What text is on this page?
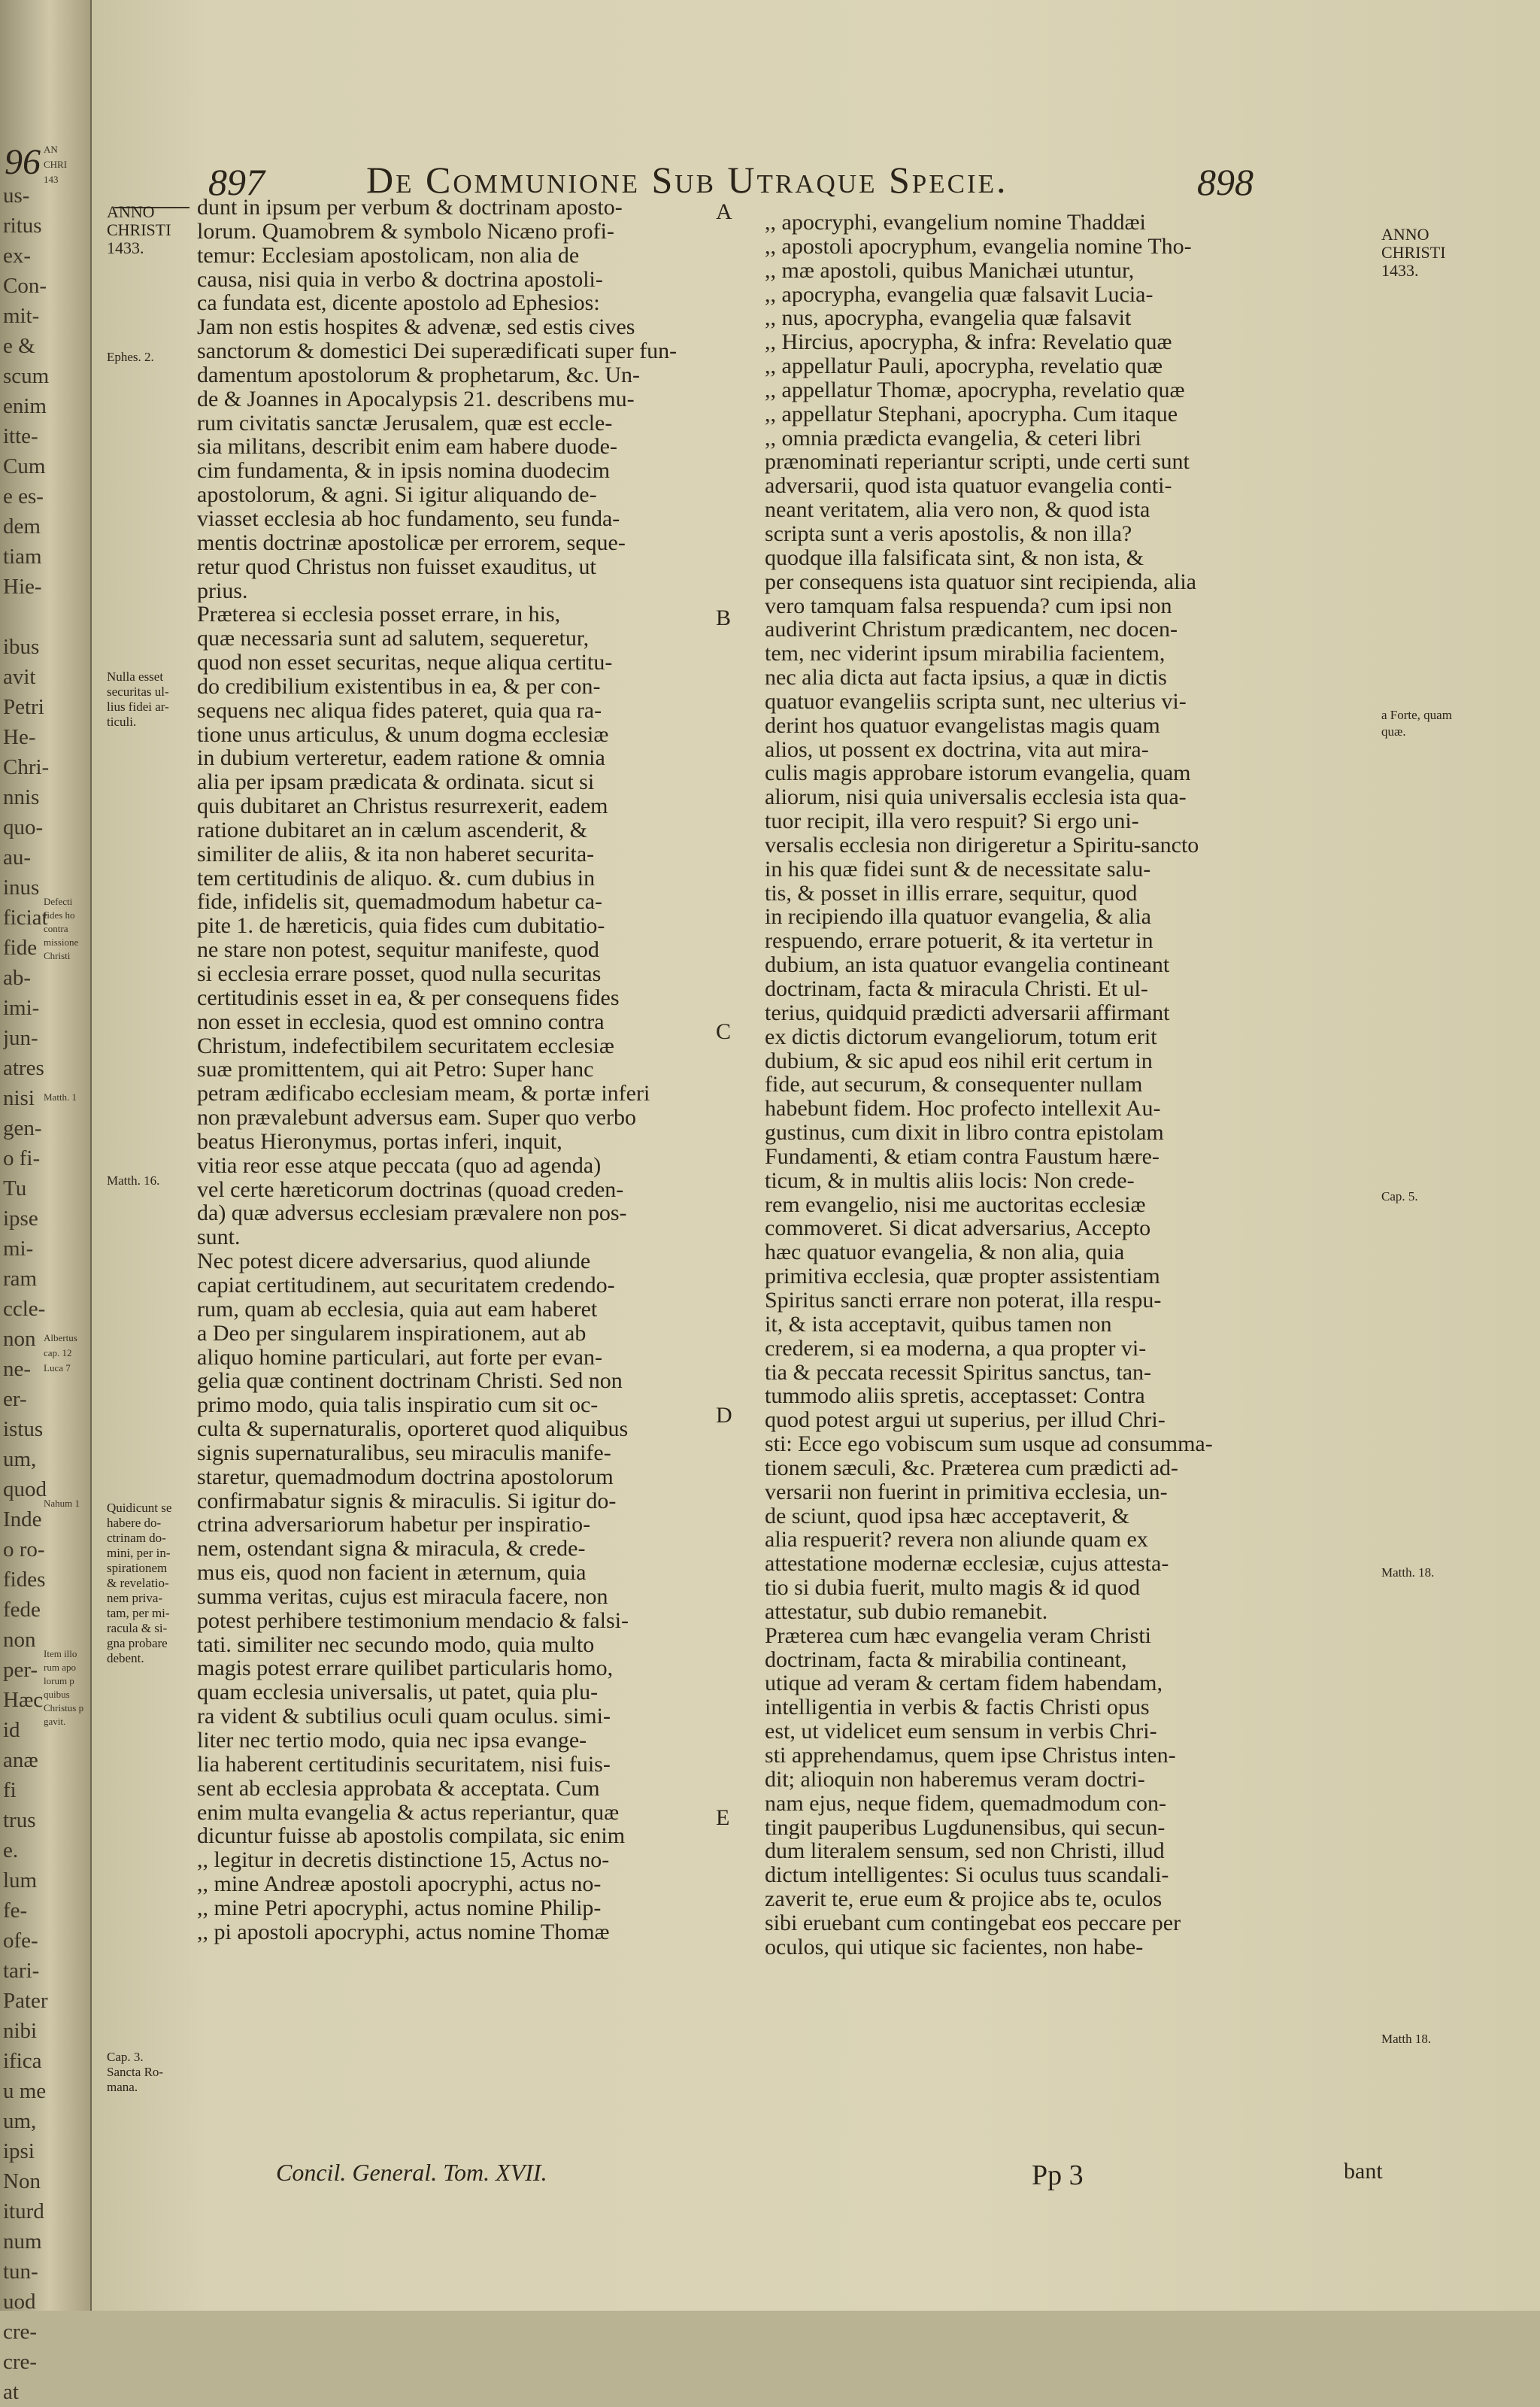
96
us-
ritus
ex-
Con-
mit-
e &
scum
enim
itte-
Cum
e es-
dem
tiam
Hie-

ibus
avit
Petri
He-
Chri-
nnis
quo-
au-
inus
ficiat
fide
ab-
imi-
jun-
atres
nisi
gen-
o fi-
Tu
ipse
mi-
ram
ccle-
non
ne-
er-
istus
um,
quod
Inde
o ro-
fides
fede
non
per-
Hæc
id
anæ
fi
trus
e.
lum
fe-
ofe-
tari-
Pater
nibi
ifica
u me
um,
ipsi
Non
iturd
num
tun-
uod
cre-
cre-
at
AN
CHRI
143
Defecti
fides ho
contra
missione
Christi
Matth. 1
Albertus
cap. 12
Luca 7
Nahum 1
Item illo
rum apo
lorum p
quibus
Christus p
gavit.
897	De Communione Sub Utraque Specie.	898
ANNO
CHRISTI
1433.
Ephes. 2.
Nulla esset
securitas ul-
lius fidei ar-
ticuli.
Matth. 16.
Quidicunt se
habere do-
ctrinam do-
mini, per in-
spirationem
& revelatio-
nem priva-
tam, per mi-
racula & si-
gna probare
debent.
Cap. 3.
Sancta Ro-
mana.
dunt in ipsum per verbum & doctrinam aposto-
lorum. Quamobrem & symbolo Nicæno profi-
temur: Ecclesiam apostolicam, non alia de
causa, nisi quia in verbo & doctrina apostoli-
ca fundata est, dicente apostolo ad Ephesios:
Jam non estis hospites & advenæ, sed estis cives
sanctorum & domestici Dei superædificati super fun-
damentum apostolorum & prophetarum, &c. Un-
de & Joannes in Apocalypsis 21. describens mu-
rum civitatis sanctæ Jerusalem, quæ est eccle-
sia militans, describit enim eam habere duode-
cim fundamenta, & in ipsis nomina duodecim
apostolorum, & agni. Si igitur aliquando de-
viasset ecclesia ab hoc fundamento, seu funda-
mentis doctrinæ apostolicæ per errorem, seque-
retur quod Christus non fuisset exauditus, ut
prius.
Præterea si ecclesia posset errare, in his,
quæ necessaria sunt ad salutem, sequeretur,
quod non esset securitas, neque aliqua certitu-
do credibilium existentibus in ea, & per con-
sequens nec aliqua fides pateret, quia qua ra-
tione unus articulus, & unum dogma ecclesiæ
in dubium verteretur, eadem ratione & omnia
alia per ipsam prædicata & ordinata. sicut si
quis dubitaret an Christus resurrexerit, eadem
ratione dubitaret an in cælum ascenderit, &
similiter de aliis, & ita non haberet securita-
tem certitudinis de aliquo. &. cum dubius in
fide, infidelis sit, quemadmodum habetur ca-
pite 1. de hæreticis, quia fides cum dubitatio-
ne stare non potest, sequitur manifeste, quod
si ecclesia errare posset, quod nulla securitas
certitudinis esset in ea, & per consequens fides
non esset in ecclesia, quod est omnino contra
Christum, indefectibilem securitatem ecclesiæ
suæ promittentem, qui ait Petro: Super hanc
petram ædificabo ecclesiam meam, & portæ inferi
non prævalebunt adversus eam. Super quo verbo
beatus Hieronymus, portas inferi, inquit,
vitia reor esse atque peccata (quo ad agenda)
vel certe hæreticorum doctrinas (quoad creden-
da) quæ adversus ecclesiam prævalere non pos-
sunt.
Nec potest dicere adversarius, quod aliunde
capiat certitudinem, aut securitatem credendo-
rum, quam ab ecclesia, quia aut eam haberet
a Deo per singularem inspirationem, aut ab
aliquo homine particulari, aut forte per evan-
gelia quæ continent doctrinam Christi. Sed non
primo modo, quia talis inspiratio cum sit oc-
culta & supernaturalis, oporteret quod aliquibus
signis supernaturalibus, seu miraculis manife-
staretur, quemadmodum doctrina apostolorum
confirmabatur signis & miraculis. Si igitur do-
ctrina adversariorum habetur per inspiratio-
nem, ostendant signa & miracula, & crede-
mus eis, quod non facient in æternum, quia
summa veritas, cujus est miracula facere, non
potest perhibere testimonium mendacio & falsi-
tati. similiter nec secundo modo, quia multo
magis potest errare quilibet particularis homo,
quam ecclesia universalis, ut patet, quia plu-
ra vident & subtilius oculi quam oculus. simi-
liter nec tertio modo, quia nec ipsa evange-
lia haberent certitudinis securitatem, nisi fuis-
sent ab ecclesia approbata & acceptata. Cum
enim multa evangelia & actus reperiantur, quæ
dicuntur fuisse ab apostolis compilata, sic enim
,, legitur in decretis distinctione 15, Actus no-
,, mine Andreæ apostoli apocryphi, actus no-
,, mine Petri apocryphi, actus nomine Philip-
,, pi apostoli apocryphi, actus nomine Thomæ
A
B
C
D
E
,, apocryphi, evangelium nomine Thaddæi
,, apostoli apocryphum, evangelia nomine Tho-
,, mæ apostoli, quibus Manichæi utuntur,
,, apocrypha, evangelia quæ falsavit Lucia-
,, nus, apocrypha, evangelia quæ falsavit
,, Hircius, apocrypha, & infra: Revelatio quæ
,, appellatur Pauli, apocrypha, revelatio quæ
,, appellatur Thomæ, apocrypha, revelatio quæ
,, appellatur Stephani, apocrypha. Cum itaque
,, omnia prædicta evangelia, & ceteri libri
prænominati reperiantur scripti, unde certi sunt
adversarii, quod ista quatuor evangelia conti-
neant veritatem, alia vero non, & quod ista
scripta sunt a veris apostolis, & non illa?
quodque illa falsificata sint, & non ista, &
per consequens ista quatuor sint recipienda, alia
vero tamquam falsa respuenda? cum ipsi non
audiverint Christum prædicantem, nec docen-
tem, nec viderint ipsum mirabilia facientem,
nec alia dicta aut facta ipsius, a quæ in dictis
quatuor evangeliis scripta sunt, nec ulterius vi-
derint hos quatuor evangelistas magis quam
alios, ut possent ex doctrina, vita aut mira-
culis magis approbare istorum evangelia, quam
aliorum, nisi quia universalis ecclesia ista qua-
tuor recipit, illa vero respuit? Si ergo uni-
versalis ecclesia non dirigeretur a Spiritu-sancto
in his quæ fidei sunt & de necessitate salu-
tis, & posset in illis errare, sequitur, quod
in recipiendo illa quatuor evangelia, & alia
respuendo, errare potuerit, & ita vertetur in
dubium, an ista quatuor evangelia contineant
doctrinam, facta & miracula Christi. Et ul-
terius, quidquid prædicti adversarii affirmant
ex dictis dictorum evangeliorum, totum erit
dubium, & sic apud eos nihil erit certum in
fide, aut securum, & consequenter nullam
habebunt fidem. Hoc profecto intellexit Au-
gustinus, cum dixit in libro contra epistolam
Fundamenti, & etiam contra Faustum hære-
ticum, & in multis aliis locis: Non crede-
rem evangelio, nisi me auctoritas ecclesiæ
commoveret. Si dicat adversarius, Accepto
hæc quatuor evangelia, & non alia, quia
primitiva ecclesia, quæ propter assistentiam
Spiritus sancti errare non poterat, illa respu-
it, & ista acceptavit, quibus tamen non
crederem, si ea moderna, a qua propter vi-
tia & peccata recessit Spiritus sanctus, tan-
tummodo aliis spretis, acceptasset: Contra
quod potest argui ut superius, per illud Chri-
sti: Ecce ego vobiscum sum usque ad consumma-
tionem sæculi, &c. Præterea cum prædicti ad-
versarii non fuerint in primitiva ecclesia, un-
de sciunt, quod ipsa hæc acceptaverit, &
alia respuerit? revera non aliunde quam ex
attestatione modernæ ecclesiæ, cujus attesta-
tio si dubia fuerit, multo magis & id quod
attestatur, sub dubio remanebit.
Præterea cum hæc evangelia veram Christi
doctrinam, facta & mirabilia contineant,
utique ad veram & certam fidem habendam,
intelligentia in verbis & factis Christi opus
est, ut videlicet eum sensum in verbis Chri-
sti apprehendamus, quem ipse Christus inten-
dit; alioquin non haberemus veram doctri-
nam ejus, neque fidem, quemadmodum con-
tingit pauperibus Lugdunensibus, qui secun-
dum literalem sensum, sed non Christi, illud
dictum intelligentes: Si oculus tuus scandali-
zaverit te, erue eum & projice abs te, oculos
sibi eruebant cum contingebat eos peccare per
oculos, qui utique sic facientes, non habe-
ANNO
CHRISTI
1433.
a Forte, quam
quæ.
Cap. 5.
Matth. 18.
Matth 18.
Concil. General. Tom. XVII.	Pp 3	bant
